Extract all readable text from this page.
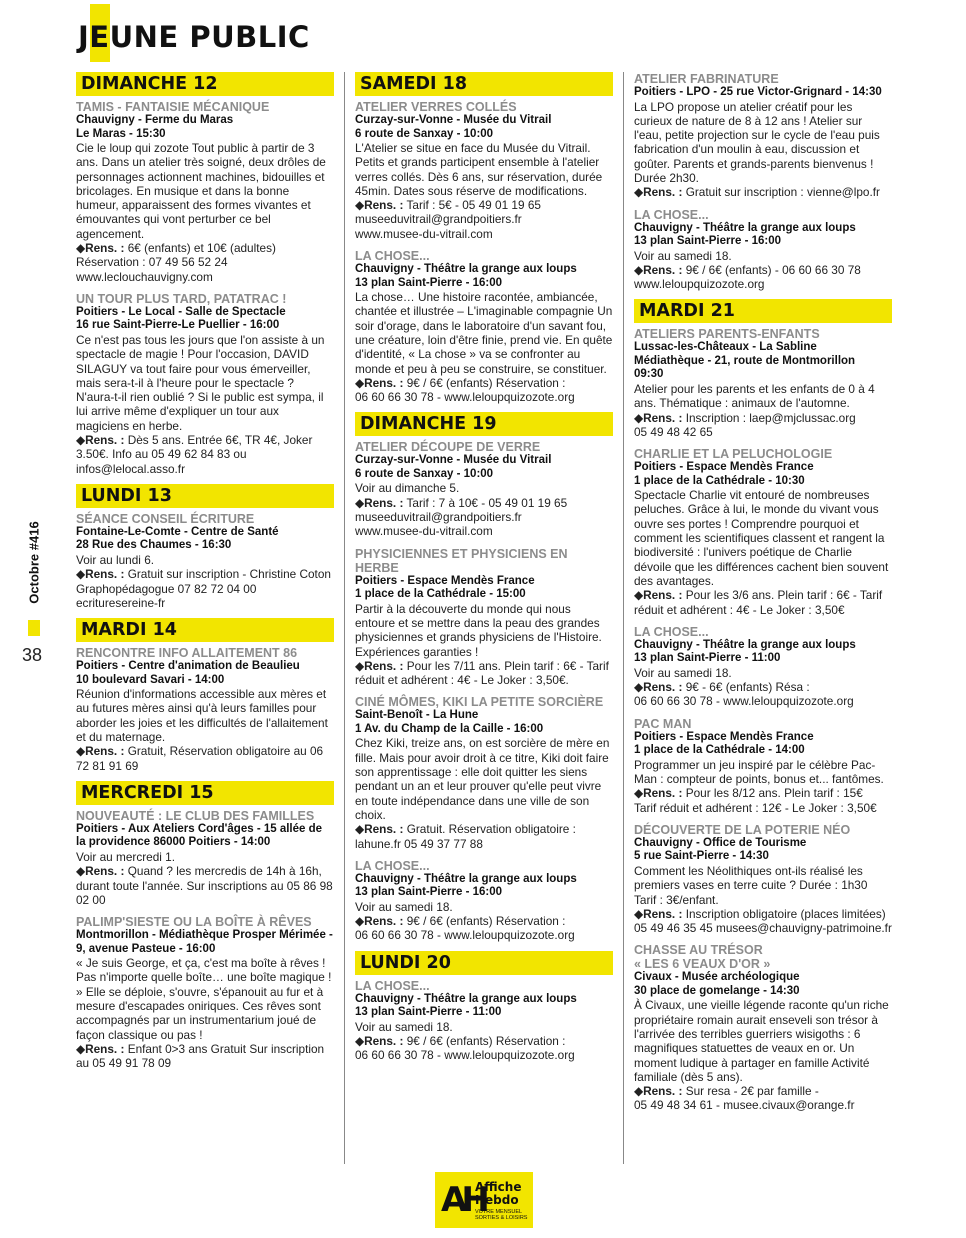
JEUNE PUBLIC
Octobre #416
38
DIMANCHE 12
TAMIS - FANTAISIE MÉCANIQUE
Chauvigny - Ferme du Maras
Le Maras - 15:30
Cie le loup qui zozote Tout public à partir de 3 ans. Dans un atelier très soigné, deux drôles de personnages actionnent machines, bidouilles et bricolages. En musique et dans la bonne humeur, apparaissent des formes vivantes et émouvantes qui vont perturber ce bel agencement.
◆Rens. : 6€ (enfants) et 10€ (adultes)
Réservation : 07 49 56 52 24
www.leclouchauvigny.com
UN TOUR PLUS TARD, PATATRAC !
Poitiers - Le Local - Salle de Spectacle
16 rue Saint-Pierre-Le Puellier - 16:00
Ce n'est pas tous les jours que l'on assiste à un spectacle de magie ! Pour l'occasion, DAVID SILAGUY va tout faire pour vous émerveiller, mais sera-t-il à l'heure pour le spectacle ? N'aura-t-il rien oublié ? Si le public est sympa, il lui arrive même d'expliquer un tour aux magiciens en herbe.
◆Rens. : Dès 5 ans. Entrée 6€, TR 4€, Joker 3.50€. Info au 05 49 62 84 83 ou infos@lelocal.asso.fr
LUNDI 13
SÉANCE CONSEIL ÉCRITURE
Fontaine-Le-Comte - Centre de Santé
28 Rue des Chaumes - 16:30
Voir au lundi 6.
◆Rens. : Gratuit sur inscription - Christine Coton Graphopédagogue 07 82 72 04 00 ecrituresereine-fr
MARDI 14
RENCONTRE INFO ALLAITEMENT 86
Poitiers - Centre d'animation de Beaulieu
10 boulevard Savari - 14:00
Réunion d'informations accessible aux mères et au futures mères ainsi qu'à leurs familles pour aborder les joies et les difficultés de l'allaitement et du maternage.
◆Rens. : Gratuit, Réservation obligatoire au 06 72 81 91 69
MERCREDI 15
NOUVEAUTÉ : LE CLUB DES FAMILLES
Poitiers - Aux Ateliers Cord'âges - 15 allée de la providence 86000 Poitiers - 14:00
Voir au mercredi 1.
◆Rens. : Quand ? les mercredis de 14h à 16h, durant toute l'année. Sur inscriptions au 05 86 98 02 00
PALIMP'SIESTE OU LA BOÎTE À RÊVES
Montmorillon - Médiathèque Prosper Mérimée - 9, avenue Pasteue - 16:00
« Je suis George, et ça, c'est ma boîte à rêves ! Pas n'importe quelle boîte… une boîte magique ! » Elle se déploie, s'ouvre, s'épanouit au fur et à mesure d'escapades oniriques. Ces rêves sont accompagnés par un instrumentarium joué de façon classique ou pas !
◆Rens. : Enfant 0>3 ans Gratuit Sur inscription au 05 49 91 78 09
SAMEDI 18
ATELIER VERRES COLLÉS
Curzay-sur-Vonne - Musée du Vitrail
6 route de Sanxay - 10:00
L'Atelier se situe en face du Musée du Vitrail. Petits et grands participent ensemble à l'atelier verres collés. Dès 6 ans, sur réservation, durée 45min. Dates sous réserve de modifications.
◆Rens. : Tarif : 5€ - 05 49 01 19 65
museeduvitrail@grandpoitiers.fr
www.musee-du-vitrail.com
LA CHOSE...
Chauvigny - Théâtre la grange aux loups
13 plan Saint-Pierre - 16:00
La chose… Une histoire racontée, ambiancée, chantée et illustrée – L'imaginable compagnie Un soir d'orage, dans le laboratoire d'un savant fou, une créature, loin d'être finie, prend vie. En quête d'identité, « La chose » va se confronter au monde et peu à peu se construire, se constituer.
◆Rens. : 9€ / 6€ (enfants) Réservation :
06 60 66 30 78 - www.leloupquizozote.org
DIMANCHE 19
ATELIER DÉCOUPE DE VERRE
Curzay-sur-Vonne - Musée du Vitrail
6 route de Sanxay - 10:00
Voir au dimanche 5.
◆Rens. : Tarif : 7 à 10€ - 05 49 01 19 65
museeduvitrail@grandpoitiers.fr
www.musee-du-vitrail.com
PHYSICIENNES ET PHYSICIENS EN HERBE
Poitiers - Espace Mendès France
1 place de la Cathédrale - 15:00
Partir à la découverte du monde qui nous entoure et se mettre dans la peau des grandes physiciennes et grands physiciens de l'Histoire. Expériences garanties !
◆Rens. : Pour les 7/11 ans. Plein tarif : 6€ - Tarif réduit et adhérent : 4€ - Le Joker : 3,50€.
CINÉ MÔMES, KIKI LA PETITE SORCIÈRE
Saint-Benoît - La Hune
1 Av. du Champ de la Caille - 16:00
Chez Kiki, treize ans, on est sorcière de mère en fille. Mais pour avoir droit à ce titre, Kiki doit faire son apprentissage : elle doit quitter les siens pendant un an et leur prouver qu'elle peut vivre en toute indépendance dans une ville de son choix.
◆Rens. : Gratuit. Réservation obligatoire : lahune.fr 05 49 37 77 88
LA CHOSE...
Chauvigny - Théâtre la grange aux loups
13 plan Saint-Pierre - 16:00
Voir au samedi 18.
◆Rens. : 9€ / 6€ (enfants) Réservation :
06 60 66 30 78 - www.leloupquizozote.org
LUNDI 20
LA CHOSE...
Chauvigny - Théâtre la grange aux loups
13 plan Saint-Pierre - 11:00
Voir au samedi 18.
◆Rens. : 9€ / 6€ (enfants) Réservation :
06 60 66 30 78 - www.leloupquizozote.org
ATELIER FABRINATURE
Poitiers - LPO - 25 rue Victor-Grignard - 14:30
La LPO propose un atelier créatif pour les curieux de nature de 8 à 12 ans ! Atelier sur l'eau, petite projection sur le cycle de l'eau puis fabrication d'un moulin à eau, discussion et goûter. Parents et grands-parents bienvenus ! Durée 2h30.
◆Rens. : Gratuit sur inscription : vienne@lpo.fr
LA CHOSE...
Chauvigny - Théâtre la grange aux loups
13 plan Saint-Pierre - 16:00
Voir au samedi 18.
◆Rens. : 9€ / 6€ (enfants) - 06 60 66 30 78
www.leloupquizozote.org
MARDI 21
ATELIERS PARENTS-ENFANTS
Lussac-les-Châteaux - La Sabline
Médiathèque - 21, route de Montmorillon
09:30
Atelier pour les parents et les enfants de 0 à 4 ans. Thématique : animaux de l'automne.
◆Rens. : Inscription : laep@mjclussac.org
05 49 48 42 65
CHARLIE ET LA PELUCHOLOGIE
Poitiers - Espace Mendès France
1 place de la Cathédrale - 10:30
Spectacle Charlie vit entouré de nombreuses peluches. Grâce à lui, le monde du vivant vous ouvre ses portes ! Comprendre pourquoi et comment les scientifiques classent et rangent la biodiversité : l'univers poétique de Charlie dévoile que les différences cachent bien souvent des avantages.
◆Rens. : Pour les 3/6 ans. Plein tarif : 6€ - Tarif réduit et adhérent : 4€ - Le Joker : 3,50€
LA CHOSE...
Chauvigny - Théâtre la grange aux loups
13 plan Saint-Pierre - 11:00
Voir au samedi 18.
◆Rens. : 9€ - 6€ (enfants) Résa :
06 60 66 30 78 - www.leloupquizozote.org
PAC MAN
Poitiers - Espace Mendès France
1 place de la Cathédrale - 14:00
Programmer un jeu inspiré par le célèbre Pac-Man : compteur de points, bonus et... fantômes.
◆Rens. : Pour les 8/12 ans. Plein tarif : 15€
Tarif réduit et adhérent : 12€ - Le Joker : 3,50€
DÉCOUVERTE DE LA POTERIE NÉO
Chauvigny - Office de Tourisme
5 rue Saint-Pierre - 14:30
Comment les Néolithiques ont-ils réalisé les premiers vases en terre cuite ? Durée : 1h30 Tarif : 3€/enfant.
◆Rens. : Inscription obligatoire (places limitées) 05 49 46 35 45 musees@chauvigny-patrimoine.fr
CHASSE AU TRÉSOR
« LES 6 VEAUX D'OR »
Civaux - Musée archéologique
30 place de gomelange - 14:30
À Civaux, une vieille légende raconte qu'un riche propriétaire romain aurait enseveli son trésor à l'arrivée des terribles guerriers wisigoths : 6 magnifiques statuettes de veaux en or. Un moment ludique à partager en famille Activité familiale (dès 5 ans).
◆Rens. : Sur resa - 2€ par famille -
05 49 48 34 61 - musee.civaux@orange.fr
AH
Affiche
Hebdo
VOTRE MENSUEL SORTIES & LOISIRS
